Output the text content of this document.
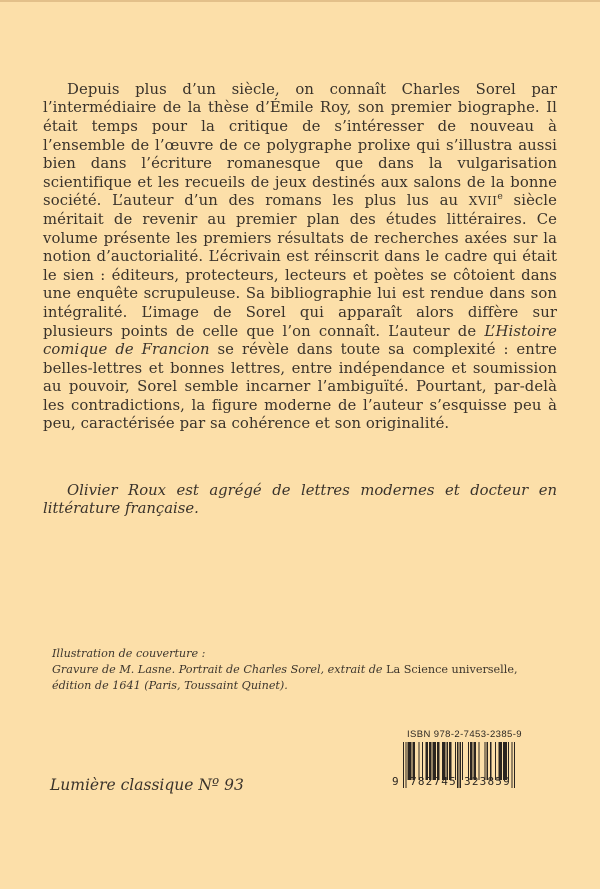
Depuis plus d’un siècle, on connaît Charles Sorel par l’intermédiaire de la thèse d’Émile Roy, son premier biographe. Il était temps pour la critique de s’intéresser de nouveau à l’ensemble de l’œuvre de ce polygraphe prolixe qui s’illustra aussi bien dans l’écriture romanesque que dans la vulgarisation scientifique et les recueils de jeux destinés aux salons de la bonne société. L’auteur d’un des romans les plus lus au XVIIe siècle méritait de revenir au premier plan des études littéraires. Ce volume présente les premiers résultats de recherches axées sur la notion d’auctorialité. L’écrivain est réinscrit dans le cadre qui était le sien : éditeurs, protecteurs, lecteurs et poètes se côtoient dans une enquête scrupuleuse. Sa bibliographie lui est rendue dans son intégralité. L’image de Sorel qui apparaît alors diffère sur plusieurs points de celle que l’on connaît. L’auteur de L’Histoire comique de Francion se révèle dans toute sa complexité : entre belles-lettres et bonnes lettres, entre indépendance et soumission au pouvoir, Sorel semble incarner l’ambiguïté. Pourtant, par-delà les contradictions, la figure moderne de l’auteur s’esquisse peu à peu, caractérisée par sa cohérence et son originalité.

Olivier Roux est agrégé de lettres modernes et docteur en littérature française.

Illustration de couverture :
Gravure de M. Lasne. Portrait de Charles Sorel, extrait de La Science universelle,
édition de 1641 (Paris, Toussaint Quinet).
ISBN 978-2-7453-2385-9
9 782745 323859
Lumière classique Nº 93
